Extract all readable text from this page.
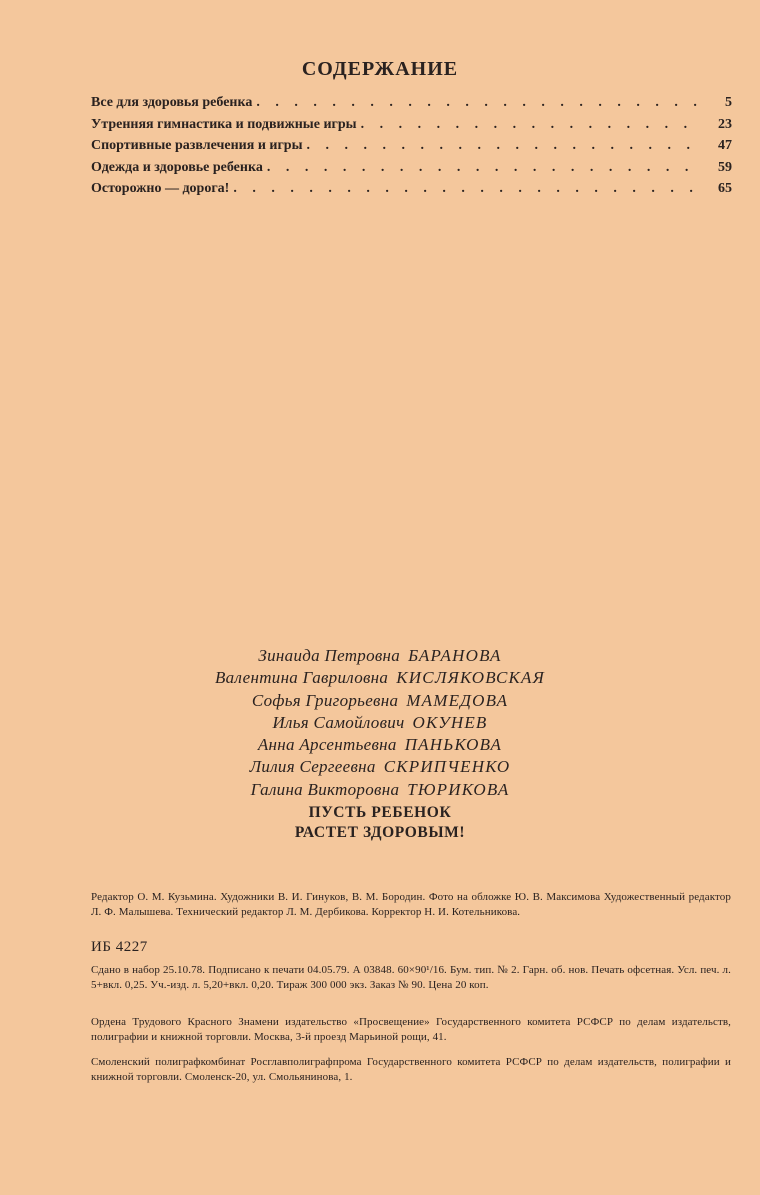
СОДЕРЖАНИЕ
Все для здоровья ребенка . . .	5
Утренняя гимнастика и подвижные игры . . .	23
Спортивные развлечения и игры . . .	47
Одежда и здоровье ребенка . . .	59
Осторожно — дорога! . . .	65
Зинаида Петровна БАРАНОВА
Валентина Гавриловна КИСЛЯКОВСКАЯ
Софья Григорьевна МАМЕДОВА
Илья Самойлович ОКУНЕВ
Анна Арсентьевна ПАНЬКОВА
Лилия Сергеевна СКРИПЧЕНКО
Галина Викторовна ТЮРИКОВА
ПУСТЬ РЕБЕНОК
РАСТЕТ ЗДОРОВЫМ!
Редактор О. М. Кузьмина. Художники В. И. Гинуков, В. М. Бородин. Фото на обложке Ю. В. Максимова Художественный редактор Л. Ф. Малышева. Технический редактор Л. М. Дербикова. Корректор Н. И. Котельникова.
ИБ 4227
Сдано в набор 25.10.78. Подписано к печати 04.05.79. А 03848. 60×90¹/16. Бум. тип. № 2. Гарн. об. нов. Печать офсетная. Усл. печ. л. 5+вкл. 0,25. Уч.-изд. л. 5,20+вкл. 0,20. Тираж 300 000 экз. Заказ № 90. Цена 20 коп.
Ордена Трудового Красного Знамени издательство «Просвещение» Государственного комитета РСФСР по делам издательств, полиграфии и книжной торговли. Москва, 3-й проезд Марьиной рощи, 41.
Смоленский полиграфкомбинат Росглавполиграфпрома Государственного комитета РСФСР по делам издательств, полиграфии и книжной торговли. Смоленск-20, ул. Смольянинова, 1.
